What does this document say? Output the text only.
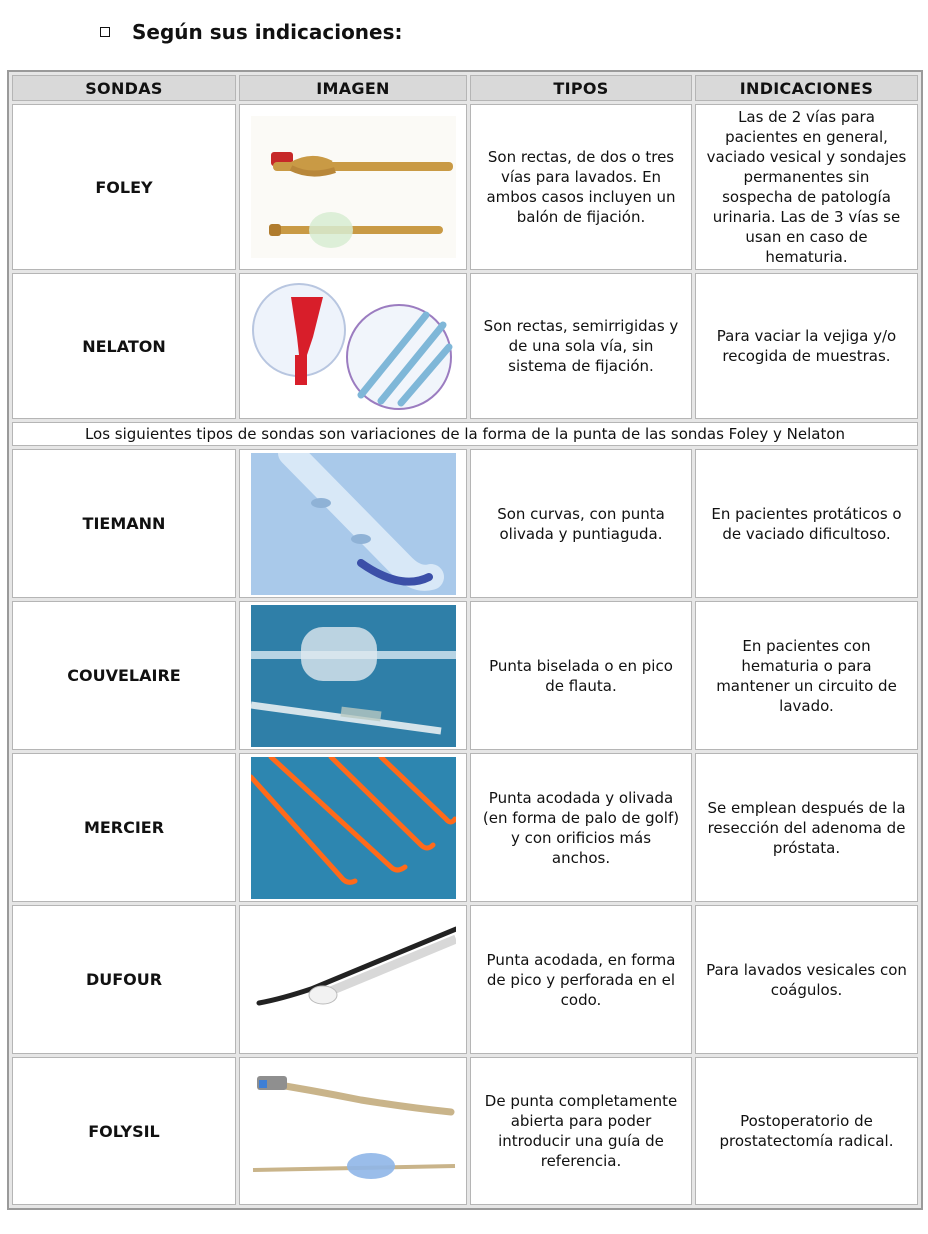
Según sus indicaciones:
SONDAS	IMAGEN	TIPOS	INDICACIONES
FOLEY		Son rectas, de dos o tres vías para lavados. En ambos casos incluyen un balón de fijación.	Las de 2 vías para pacientes en general, vaciado vesical y sondajes permanentes sin sospecha de patología urinaria. Las de 3 vías se usan en caso de hematuria.

NELATON		Son rectas, semirrigidas y de una sola vía, sin sistema de fijación.	Para vaciar la vejiga y/o recogida de muestras.

Los siguientes tipos de sondas son variaciones de la forma de la punta de las sondas Foley y Nelaton			
TIEMANN		Son curvas, con punta olivada y puntiaguda.	En pacientes protáticos o de vaciado dificultoso.

COUVELAIRE		Punta biselada o en pico de flauta.	En pacientes con hematuria o para mantener un circuito de lavado.

MERCIER		Punta acodada y olivada (en forma de palo de golf) y con orificios más anchos.	Se emplean después de la resección del adenoma de próstata.

DUFOUR		Punta acodada, en forma de pico y perforada en el codo.	Para lavados vesicales con coágulos.

FOLYSIL		De punta completamente abierta para poder introducir una guía de referencia.	Postoperatorio de prostatectomía radical.
